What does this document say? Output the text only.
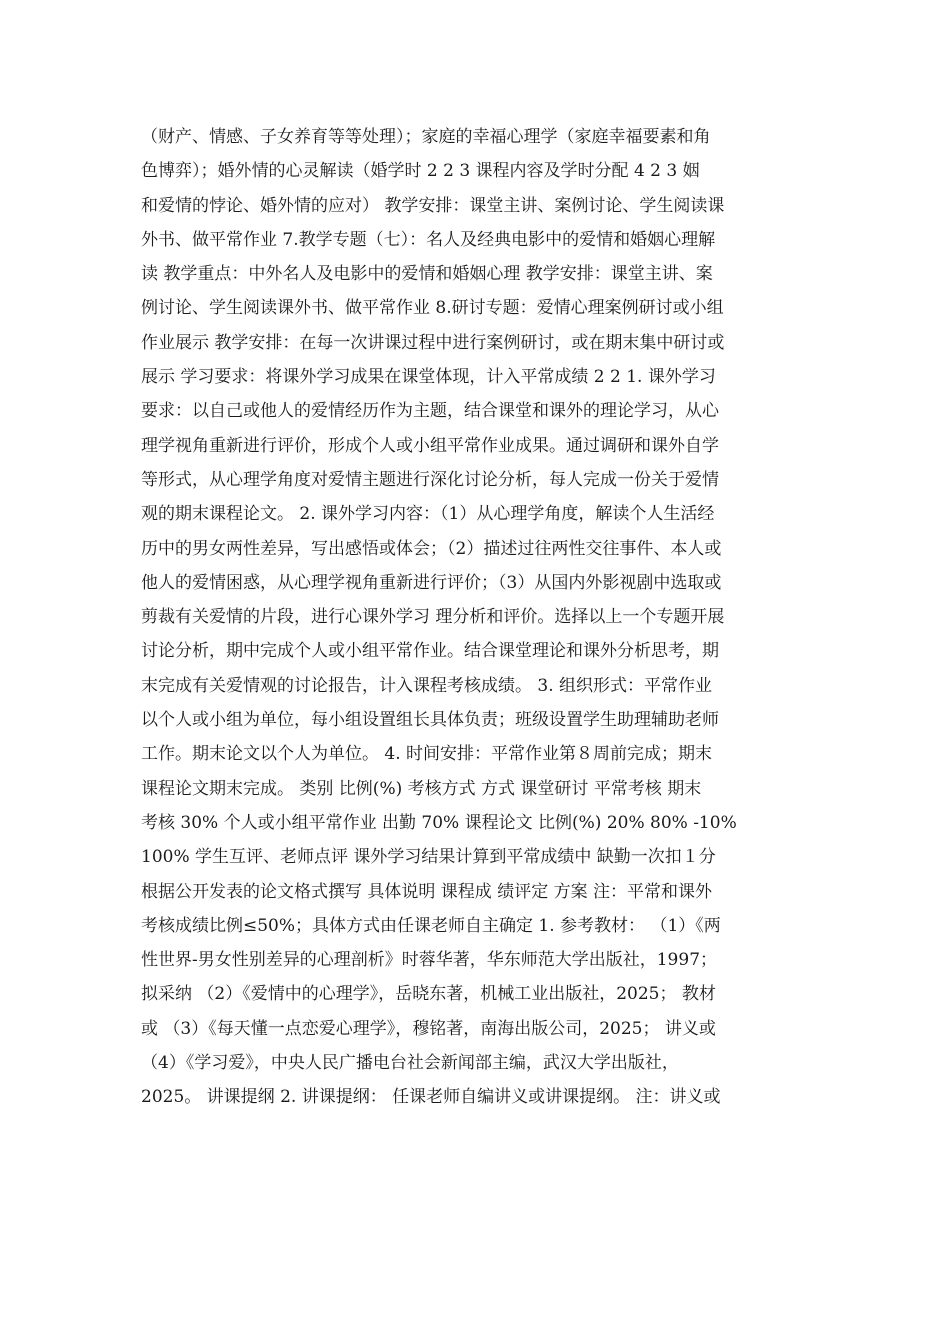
（财产、情感、子女养育等等处理）；家庭的幸福心理学（家庭幸福要素和角
色博弈）；婚外情的心灵解读（婚学时 2 2 3 课程内容及学时分配 4 2 3 姻
和爱情的悖论、婚外情的应对） 教学安排：课堂主讲、案例讨论、学生阅读课
外书、做平常作业 7.教学专题（七）：名人及经典电影中的爱情和婚姻心理解
读 教学重点：中外名人及电影中的爱情和婚姻心理 教学安排：课堂主讲、案
例讨论、学生阅读课外书、做平常作业 8.研讨专题：爱情心理案例研讨或小组
作业展示 教学安排：在每一次讲课过程中进行案例研讨，或在期末集中研讨或
展示 学习要求：将课外学习成果在课堂体现，计入平常成绩 2 2 1. 课外学习
要求：以自己或他人的爱情经历作为主题，结合课堂和课外的理论学习，从心
理学视角重新进行评价，形成个人或小组平常作业成果。通过调研和课外自学
等形式，从心理学角度对爱情主题进行深化讨论分析，每人完成一份关于爱情
观的期末课程论文。 2. 课外学习内容：（1）从心理学角度，解读个人生活经
历中的男女两性差异，写出感悟或体会；（2）描述过往两性交往事件、本人或
他人的爱情困惑，从心理学视角重新进行评价；（3）从国内外影视剧中选取或
剪裁有关爱情的片段，进行心课外学习 理分析和评价。选择以上一个专题开展
讨论分析，期中完成个人或小组平常作业。结合课堂理论和课外分析思考，期
末完成有关爱情观的讨论报告，计入课程考核成绩。 3. 组织形式：平常作业
以个人或小组为单位，每小组设置组长具体负责；班级设置学生助理辅助老师
工作。期末论文以个人为单位。 4. 时间安排：平常作业第８周前完成；期末
课程论文期末完成。 类别 比例(%) 考核方式 方式 课堂研讨 平常考核 期末
考核 30% 个人或小组平常作业 出勤 70% 课程论文 比例(%) 20% 80% -10%
100% 学生互评、老师点评 课外学习结果计算到平常成绩中 缺勤一次扣１分
根据公开发表的论文格式撰写 具体说明 课程成 绩评定 方案 注：平常和课外
考核成绩比例≤50%；具体方式由任课老师自主确定 1. 参考教材： （1）《两
性世界-男女性别差异的心理剖析》时蓉华著，华东师范大学出版社，1997；
拟采纳 （2）《爱情中的心理学》，岳晓东著，机械工业出版社，2025； 教材
或 （3）《每天懂一点恋爱心理学》，穆铭著，南海出版公司，2025； 讲义或
（4）《学习爱》，中央人民广播电台社会新闻部主编，武汉大学出版社，
2025。 讲课提纲 2. 讲课提纲： 任课老师自编讲义或讲课提纲。 注：讲义或
